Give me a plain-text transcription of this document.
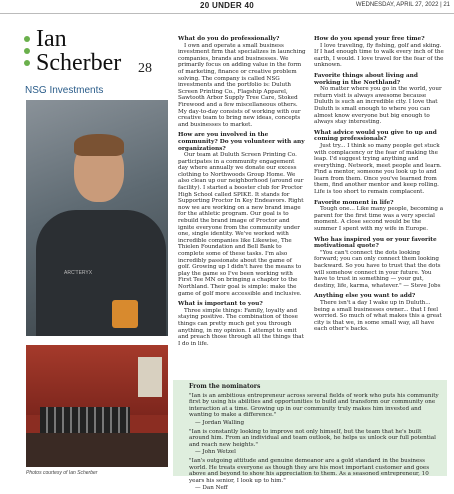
20 UNDER 40	WEDNESDAY, APRIL 27, 2022 | 21
Ian
Scherber 28
NSG Investments
ARC'TERYX
Photos courtesy of Ian Scherber
What do you do professionally?

I own and operate a small business investment firm that specializes in launching companies, brands and businesses. We primarily focus on adding value in the form of marketing, finance or creative problem solving. The company is called NSG investments and the portfolio is: Duluth Screen Printing Co., Flagship Apparel, Sawtooth Arbor Supply Tree Care, Stoked Firewood and a few miscellaneous others. My day-to-day consists of working with our creative team to bring new ideas, concepts and businesses to market.

How are you involved in the community? Do you volunteer with any organizations?

Our team at Duluth Screen Printing Co. participates in a community engagement day where annually we donate our excess clothing to Northwoods Group Home. We also clean up our neighborhood (around our facility). I started a booster club for Proctor High School called SPIKE. It stands for Supporting Proctor In Key Endeavors. Right now we are working on a new brand image for the athletic program. Our goal is to rebuild the brand image of Proctor and ignite everyone from the community under one, single identity. We've worked with incredible companies like Likewise, The Thielen Foundation and Bell Bank to complete some of these tasks. I'm also incredibly passionate about the game of golf. Growing up I didn't have the means to play the game so I've been working with First Tee MN on bringing a chapter to the Northland. Their goal is simple: make the game of golf more accessible and inclusive.

What is important to you?

Three simple things: Family, loyalty and staying positive. The combination of those things can pretty much get you through anything, in my opinion. I attempt to emit and preach those through all the things that I do in life.

How do you spend your free time?

I love traveling, fly fishing, golf and skiing. If I had enough time to walk every inch of the earth, I would. I love travel for the fear of the unknown.

Favorite things about living and working in the Northland?

No matter where you go in the world, your return visit is always awesome because Duluth is such an incredible city. I love that Duluth is small enough to where you can almost know everyone but big enough to always stay interesting.

What advice would you give to up and coming professionals?

Just try... I think so many people get stuck with complacency or the fear of making the leap. I'd suggest trying anything and everything. Network, meet people and learn. Find a mentor, someone you look up to and learn from them. Once you've learned from them, find another mentor and keep rolling. Life is too short to remain complacent.

Favorite moment in life?

Tough one... Like many people, becoming a parent for the first time was a very special moment. A close second would be the summer I spent with my wife in Europe.

Who has inspired you or your favorite motivational quote?

"You can't connect the dots looking forward; you can only connect them looking backward. So you have to trust that the dots will somehow connect in your future. You have to trust in something — your gut, destiny, life, karma, whatever." — Steve Jobs

Anything else you want to add?

There isn't a day I wake up in Duluth... being a small businesses owner... that I feel worried. So much of what makes this a great city is that we, in some small way, all have each other's backs.

From the nominators

"Ian is an ambitious entrepreneur across several fields of work who puts his community first by using his abilities and opportunities to build and transform our community one interaction at a time. Growing up in our community truly makes him invested and wanting to make a difference."

— Jordan Walling

"Ian is constantly looking to improve not only himself, but the team that he's built around him. From an individual and team outlook, he helps us unlock our full potential and reach new heights."

— John Wetzel

"Ian's outgoing attitude and genuine demeanor are a gold standard in the business world. He treats everyone as though they are his most important customer and goes above and beyond to show his appreciation to them. As a seasoned entrepreneur, 10 years his senior, I look up to him."

— Dan Neff
